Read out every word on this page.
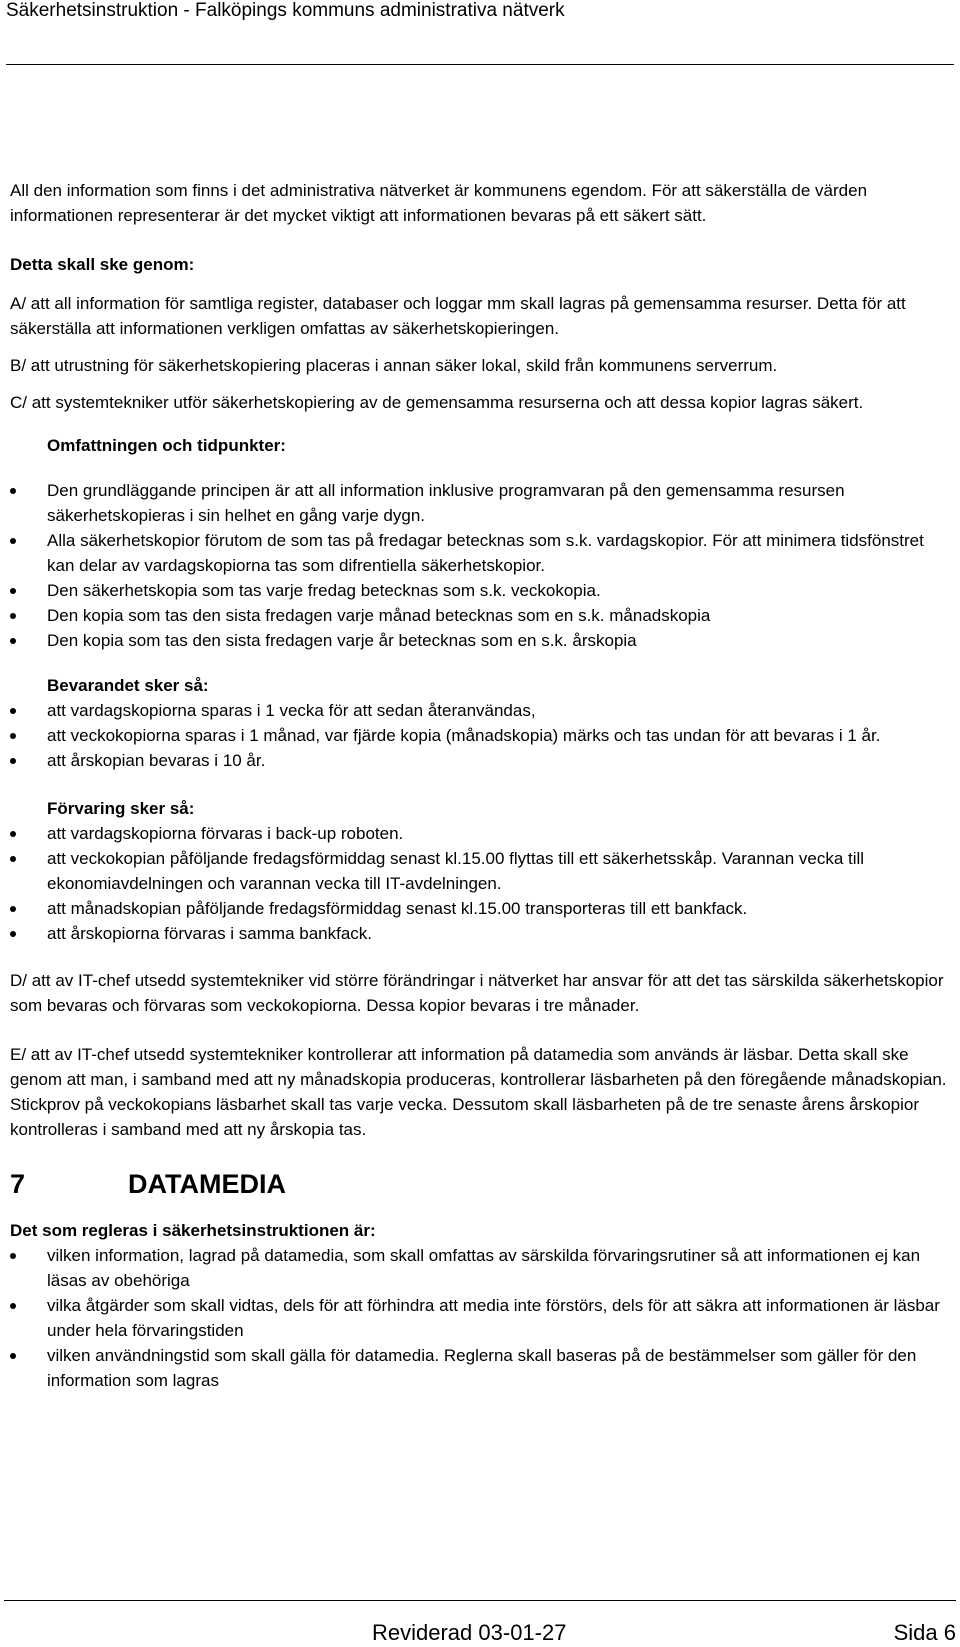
Säkerhetsinstruktion - Falköpings kommuns administrativa nätverk

All den information som finns i det administrativa nätverket är kommunens egendom. För att säkerställa de värden informationen representerar är det mycket viktigt att informationen bevaras på ett säkert sätt.

Detta skall ske genom:

A/ att all information för samtliga register, databaser och loggar mm skall lagras på gemensamma resurser. Detta för att säkerställa att informationen verkligen omfattas av säkerhetskopieringen.

B/ att utrustning för säkerhetskopiering placeras i annan säker lokal, skild från kommunens serverrum.

C/ att systemtekniker utför säkerhetskopiering av de gemensamma resurserna och att dessa kopior lagras säkert.

Omfattningen och tidpunkter:

Den grundläggande principen är att all information inklusive programvaran på den gemensamma resursen säkerhetskopieras i sin helhet en gång varje dygn.
Alla säkerhetskopior förutom de som tas på fredagar betecknas som s.k. vardagskopior. För att minimera tidsfönstret kan delar av vardagskopiorna tas som difrentiella säkerhetskopior.
Den säkerhetskopia som tas varje fredag betecknas som s.k. veckokopia.
Den kopia som tas den sista fredagen varje månad betecknas som en s.k. månadskopia
Den kopia som tas den sista fredagen varje år betecknas som en s.k. årskopia

Bevarandet sker så:

att vardagskopiorna sparas i 1 vecka för att sedan återanvändas,
att veckokopiorna sparas i 1 månad, var fjärde kopia (månadskopia) märks och tas undan för att bevaras i 1 år.
att årskopian bevaras i 10 år.

Förvaring sker så:

att vardagskopiorna förvaras i back-up roboten.
att veckokopian påföljande fredagsförmiddag senast kl.15.00 flyttas till ett säkerhetsskåp. Varannan vecka till ekonomiavdelningen och varannan vecka till IT-avdelningen.
att månadskopian påföljande fredagsförmiddag senast kl.15.00 transporteras till ett bankfack.
att årskopiorna förvaras i samma bankfack.

D/ att av IT-chef utsedd systemtekniker vid större förändringar i nätverket har ansvar för att det tas särskilda säkerhetskopior som bevaras och förvaras som veckokopiorna. Dessa kopior bevaras i tre månader.

E/ att av IT-chef utsedd systemtekniker kontrollerar att information på datamedia som används är läsbar. Detta skall ske genom att man, i samband med att ny månadskopia produceras, kontrollerar läsbarheten på den föregående månadskopian. Stickprov på veckokopians läsbarhet skall tas varje vecka. Dessutom skall läsbarheten på de tre senaste årens årskopior kontrolleras i samband med att ny årskopia tas.

7	DATAMEDIA

Det som regleras i säkerhetsinstruktionen är:

vilken information, lagrad på datamedia, som skall omfattas av särskilda förvaringsrutiner så att informationen ej kan läsas av obehöriga
vilka åtgärder som skall vidtas, dels för att förhindra att media inte förstörs, dels för att säkra att informationen är läsbar under hela förvaringstiden
vilken användningstid som skall gälla för datamedia. Reglerna skall baseras på de bestämmelser som gäller för den information som lagras
Reviderad 03-01-27	Sida 6
